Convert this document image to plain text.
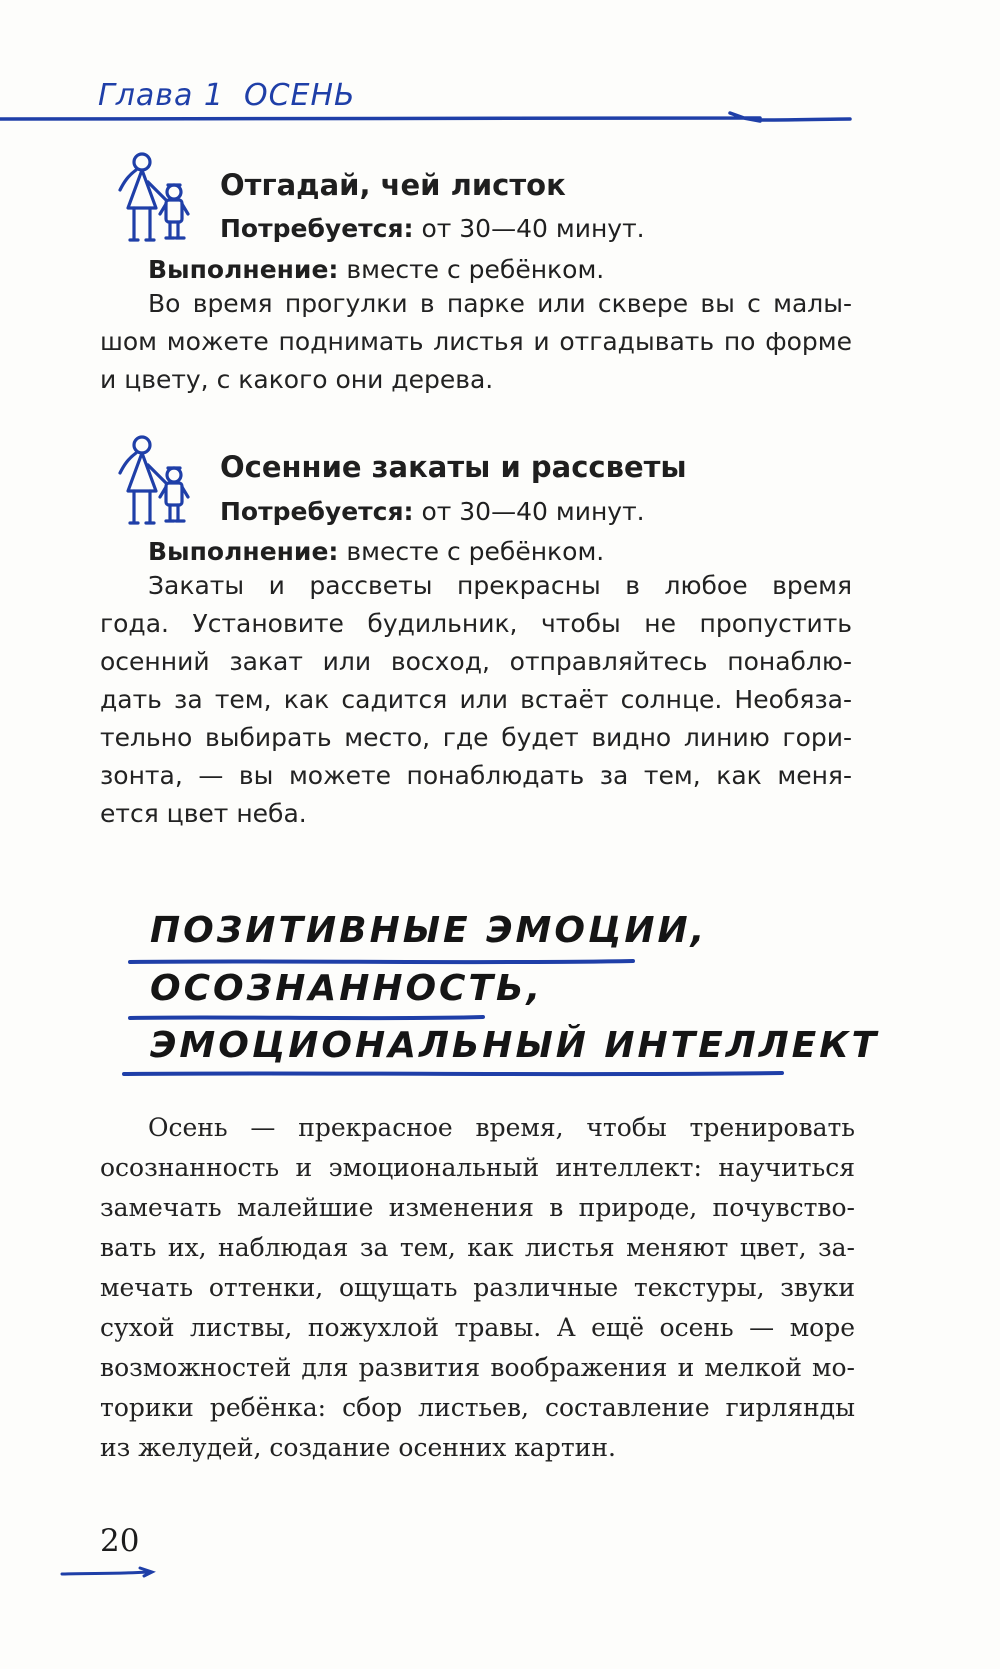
Глава 1 ОСЕНЬ
Отгадай, чей листок
Потребуется: от 30—40 минут.
Выполнение: вместе с ребёнком.
Во время прогулки в парке или сквере вы с малы-
шом можете поднимать листья и отгадывать по форме
и цвету, с какого они дерева.
Осенние закаты и рассветы
Потребуется: от 30—40 минут.
Выполнение: вместе с ребёнком.
Закаты и рассветы прекрасны в любое время
года. Установите будильник, чтобы не пропустить
осенний закат или восход, отправляйтесь понаблю-
дать за тем, как садится или встаёт солнце. Необяза-
тельно выбирать место, где будет видно линию гори-
зонта, — вы можете понаблюдать за тем, как меня-
ется цвет неба.
ПОЗИТИВНЫЕ ЭМОЦИИ,
ОСОЗНАННОСТЬ,
ЭМОЦИОНАЛЬНЫЙ ИНТЕЛЛЕКТ
Осень — прекрасное время, чтобы тренировать
осознанность и эмоциональный интеллект: научиться
замечать малейшие изменения в природе, почувство-
вать их, наблюдая за тем, как листья меняют цвет, за-
мечать оттенки, ощущать различные текстуры, звуки
сухой листвы, пожухлой травы. А ещё осень — море
возможностей для развития воображения и мелкой мо-
торики ребёнка: сбор листьев, составление гирлянды
из желудей, создание осенних картин.
20
